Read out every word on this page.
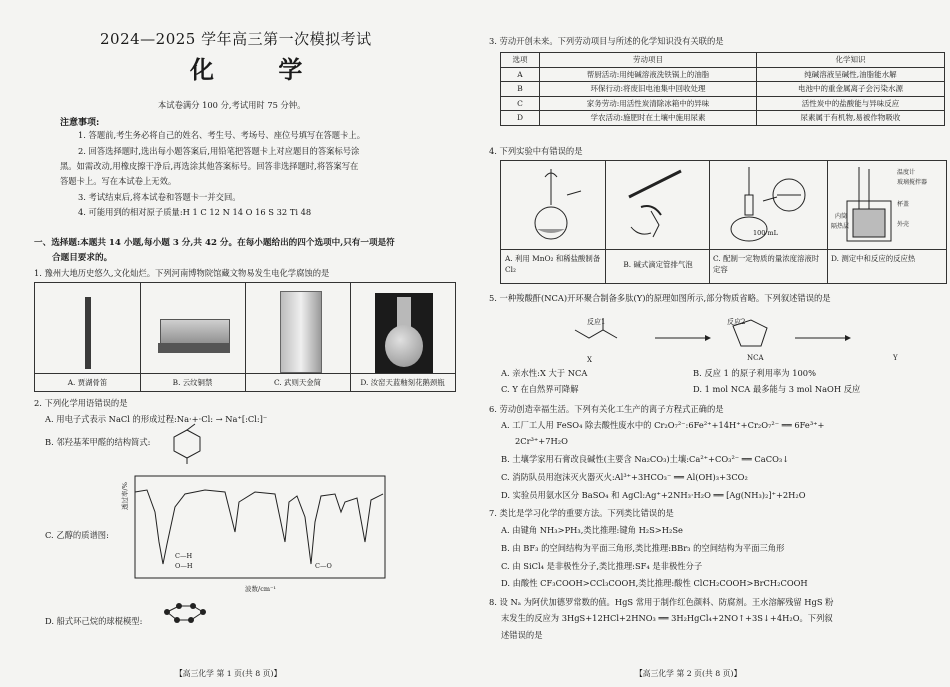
2024—2025 学年高三第一次模拟考试
化 学
本试卷满分 100 分,考试用时 75 分钟。
注意事项:
1. 答题前,考生务必将自己的姓名、考生号、考场号、座位号填写在答题卡上。
2. 回答选择题时,选出每小题答案后,用铅笔把答题卡上对应题目的答案标号涂
黑。如需改动,用橡皮擦干净后,再选涂其他答案标号。回答非选择题时,将答案写在
答题卡上。写在本试卷上无效。
3. 考试结束后,将本试卷和答题卡一并交回。
4. 可能用到的相对原子质量:H 1 C 12 N 14 O 16 S 32 Ti 48
一、选择题:本题共 14 小题,每小题 3 分,共 42 分。在每小题给出的四个选项中,只有一项是符
合题目要求的。
1. 豫州大地历史悠久,文化灿烂。下列河南博物院馆藏文物易发生电化学腐蚀的是
A. 贾湖骨笛	B. 云纹铜禁	C. 武则天金简	D. 汝窑天蓝釉刻花鹅颈瓶
2. 下列化学用语错误的是
A. 用电子式表示 NaCl 的形成过程:Na·+·Cl: → Na⁺[:Cl:]⁻
B. 邻羟基苯甲醛的结构简式:
C. 乙醇的质谱图:
透过率/%
波数/cm⁻¹
C—H
O—H	C—O
D. 船式环己烷的球棍模型:
【高三化学 第 1 页(共 8 页)】
3. 劳动开创未来。下列劳动项目与所述的化学知识没有关联的是
选项	劳动项目	化学知识
A	帮厨活动:用纯碱溶液洗铁锅上的油脂	纯碱溶液呈碱性,油脂能水解
B	环保行动:将废旧电池集中回收处理	电池中的重金属离子会污染水源
C	家务劳动:用活性炭清除冰箱中的异味	活性炭中的盐酸能与异味反应
D	学农活动:施肥时在土壤中施用尿素	尿素属于有机物,易被作物吸收
4. 下列实验中有错误的是
100 mL
温度计
玻璃搅拌器
杯盖
内筒
隔热层	外壳
A. 利用 MnO₂ 和稀盐酸制备 Cl₂
B. 碱式滴定管排气泡
C. 配制一定物质的量浓度溶液时定容
D. 测定中和反应的反应热
5. 一种羧酸酐(NCA)开环聚合制备多肽(Y)的原理如图所示,部分物质省略。下列叙述错误的是
反应1	反应2
X	NCA	Y
A. 亲水性:X 大于 NCA	B. 反应 1 的原子利用率为 100%
C. Y 在自然界可降解	D. 1 mol NCA 最多能与 3 mol NaOH 反应
6. 劳动创造幸福生活。下列有关化工生产的离子方程式正确的是
A. 工厂工人用 FeSO₄ 除去酸性废水中的 Cr₂O₇²⁻:6Fe²⁺+14H⁺+Cr₂O₇²⁻ ══ 6Fe³⁺+
2Cr³⁺+7H₂O
B. 土壤学家用石膏改良碱性(主要含 Na₂CO₃)土壤:Ca²⁺+CO₃²⁻ ══ CaCO₃↓
C. 消防队员用泡沫灭火器灭火:Al³⁺+3HCO₃⁻ ══ Al(OH)₃+3CO₂
D. 实验员用氨水区分 BaSO₄ 和 AgCl:Ag⁺+2NH₃·H₂O ══ [Ag(NH₃)₂]⁺+2H₂O
7. 类比是学习化学的重要方法。下列类比错误的是
A. 由键角 NH₃>PH₃,类比推理:键角 H₂S>H₂Se
B. 由 BF₃ 的空间结构为平面三角形,类比推理:BBr₃ 的空间结构为平面三角形
C. 由 SiCl₄ 是非极性分子,类比推理:SF₄ 是非极性分子
D. 由酸性 CF₃COOH>CCl₃COOH,类比推理:酸性 ClCH₂COOH>BrCH₂COOH
8. 设 Nₐ 为阿伏加德罗常数的值。HgS 常用于制作红色颜料、防腐剂。王水溶解残留 HgS 粉
末发生的反应为 3HgS+12HCl+2HNO₃ ══ 3H₂HgCl₄+2NO↑+3S↓+4H₂O。下列叙
述错误的是
【高三化学 第 2 页(共 8 页)】
